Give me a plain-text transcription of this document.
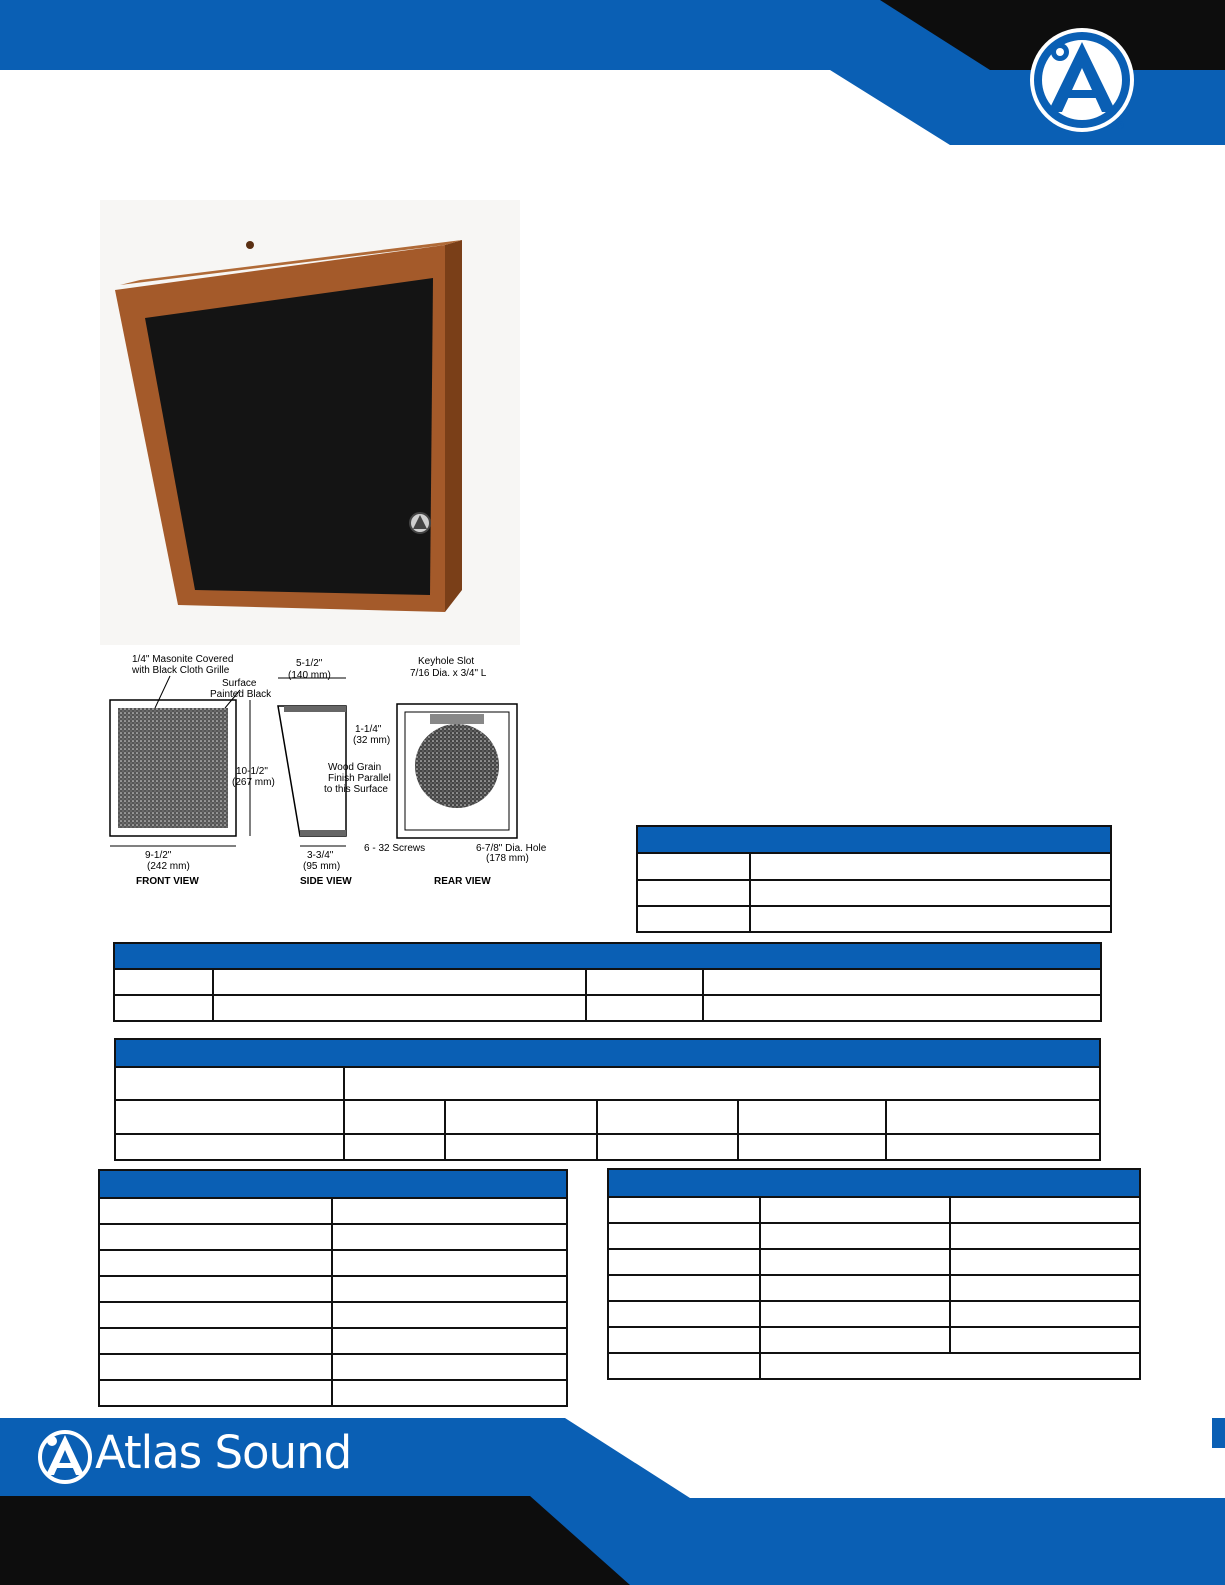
®
1/4" Masonite Covered
with Black Cloth Grille
Surface
Painted Black
10-1/2"
(267 mm)
9-1/2"
(242 mm)
FRONT VIEW
5-1/2"
(140 mm)
1-1/4"
(32 mm)
Wood Grain
Finish Parallel
to this Surface
3-3/4"
(95 mm)
SIDE VIEW
Keyhole Slot
7/16 Dia. x 3/4" L
6 - 32 Screws	6-7/8" Dia. Hole
(178 mm)
REAR VIEW

Atlas Sound
